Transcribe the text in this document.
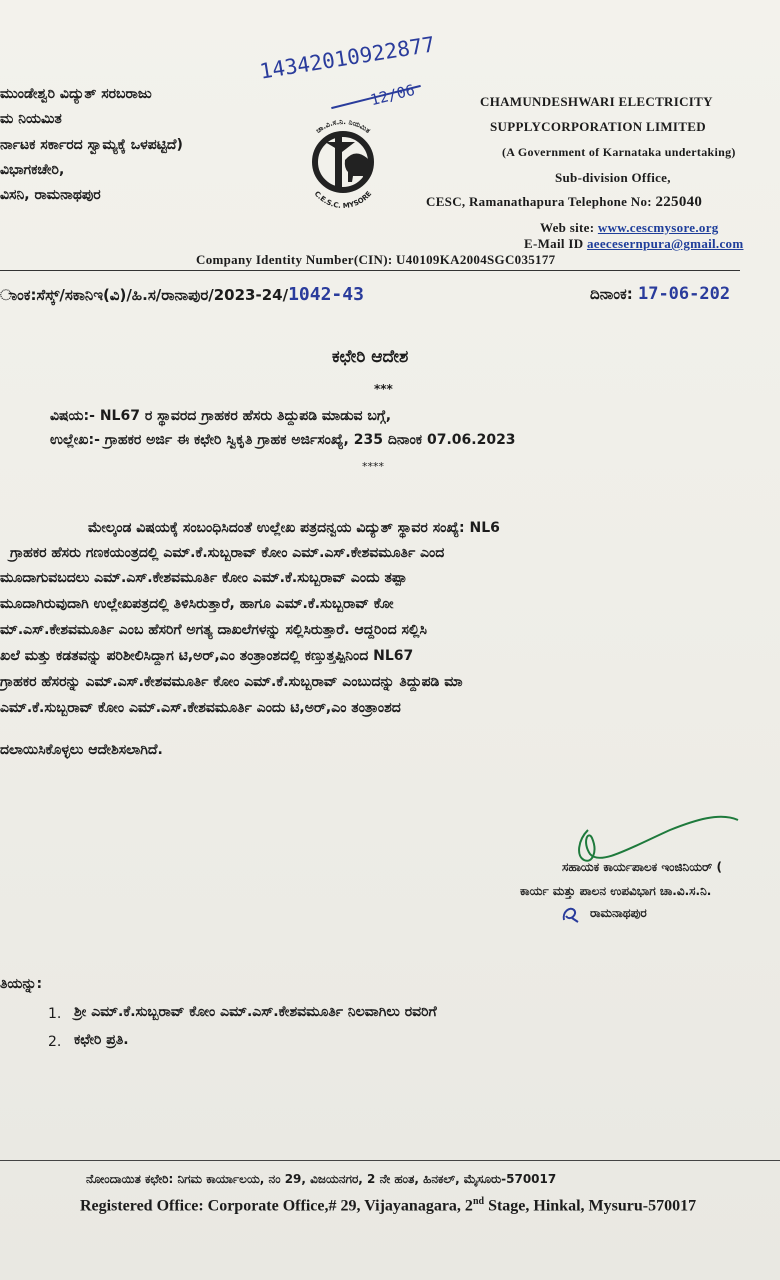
14342010922877
12/06
ಮುಂಡೇಶ್ವರಿ ವಿದ್ಯುತ್ ಸರಬರಾಜು
ಮ ನಿಯಮಿತ
ರ್ನಾಟಕ ಸರ್ಕಾರದ ಸ್ವಾಮ್ಯಕ್ಕೆ ಒಳಪಟ್ಟಿದೆ)
ವಿಭಾಗಕಚೇರಿ,
ವಿಸನಿ, ರಾಮನಾಥಪುರ
ಚಾ.ವಿ.ಸ.ನಿ. ನಿಯಮಿತ
C.E.S.C. MYSORE
CHAMUNDESHWARI ELECTRICITY
SUPPLYCORPORATION LIMITED
(A Government of Karnataka undertaking)
Sub-division Office,
CESC, Ramanathapura Telephone No: 225040
Web site: www.cescmysore.org
E-Mail ID aeecesernpura@gmail.com
Company Identity Number(CIN): U40109KA2004SGC035177
ಾಂಕ:ಸೆಸ್ಕ್/ಸಕಾನಿಇ(ವಿ)/ಹಿ.ಸ/ರಾನಾಪುರ/2023-24/1042-43	ದಿನಾಂಕ: 17-06-202
ಕಛೇರಿ ಆದೇಶ
***
ವಿಷಯ:- NL67 ರ ಸ್ಥಾವರದ ಗ್ರಾಹಕರ ಹೆಸರು ತಿದ್ದುಪಡಿ ಮಾಡುವ ಬಗ್ಗೆ,
ಉಲ್ಲೇಖ:- ಗ್ರಾಹಕರ ಅರ್ಜಿ ಈ ಕಛೇರಿ ಸ್ವಿಕೃತಿ ಗ್ರಾಹಕ ಅರ್ಜಿಸಂಖ್ಯೆ, 235 ದಿನಾಂಕ 07.06.2023
****
ಮೇಲ್ಕಂಡ ವಿಷಯಕ್ಕೆ ಸಂಬಂಧಿಸಿದಂತೆ ಉಲ್ಲೇಖ ಪತ್ರದನ್ವಯ ವಿದ್ಯುತ್ ಸ್ಥಾವರ ಸಂಖ್ಯೆ: NL6
ಗ್ರಾಹಕರ ಹೆಸರು ಗಣಕಯಂತ್ರದಲ್ಲಿ ಎಮ್.ಕೆ.ಸುಬ್ಬರಾವ್ ಕೋಂ ಎಮ್.ಎಸ್.ಕೇಶವಮೂರ್ತಿ ಎಂದ
ಮೂದಾಗುವಬದಲು ಎಮ್.ಎಸ್.ಕೇಶವಮೂರ್ತಿ ಕೋಂ ಎಮ್.ಕೆ.ಸುಬ್ಬರಾವ್ ಎಂದು ತಪ್ಪಾ
ಮೂದಾಗಿರುವುದಾಗಿ ಉಲ್ಲೇಖಪತ್ರದಲ್ಲಿ ತಿಳಿಸಿರುತ್ತಾರೆ, ಹಾಗೂ ಎಮ್.ಕೆ.ಸುಬ್ಬರಾವ್ ಕೋ
ಮ್.ಎಸ್.ಕೇಶವಮೂರ್ತಿ ಎಂಬ ಹೆಸರಿಗೆ ಅಗತ್ಯ ದಾಖಲೆಗಳನ್ನು ಸಲ್ಲಿಸಿರುತ್ತಾರೆ. ಆದ್ದರಿಂದ ಸಲ್ಲಿಸಿ
ಖಲೆ ಮತ್ತು ಕಡತವನ್ನು ಪರಿಶೀಲಿಸಿದ್ದಾಗ ಟಿ,ಅರ್,ಎಂ ತಂತ್ರಾಂಶದಲ್ಲಿ ಕಣ್ತುತ್ತಪ್ಪಿನಿಂದ NL67
ಗ್ರಾಹಕರ ಹೆಸರನ್ನು ಎಮ್.ಎಸ್.ಕೇಶವಮೂರ್ತಿ ಕೋಂ ಎಮ್.ಕೆ.ಸುಬ್ಬರಾವ್ ಎಂಬುದನ್ನು ತಿದ್ದುಪಡಿ ಮಾ
ಎಮ್.ಕೆ.ಸುಬ್ಬರಾವ್ ಕೋಂ ಎಮ್.ಎಸ್.ಕೇಶವಮೂರ್ತಿ ಎಂದು ಟಿ,ಅರ್,ಎಂ ತಂತ್ರಾಂಶದ
ದಲಾಯಿಸಿಕೊಳ್ಳಲು ಆದೇಶಿಸಲಾಗಿದೆ.
ಸಹಾಯಕ ಕಾರ್ಯಪಾಲಕ ಇಂಜಿನಿಯರ್ (
ಕಾರ್ಯ ಮತ್ತು ಪಾಲನ ಉಪವಿಭಾಗ ಚಾ.ವಿ.ಸ.ನಿ.
ರಾಮನಾಥಪುರ
ತಿಯನ್ನು:
1. ಶ್ರೀ ಎಮ್.ಕೆ.ಸುಬ್ಬರಾವ್ ಕೋಂ ಎಮ್.ಎಸ್.ಕೇಶವಮೂರ್ತಿ ನಿಲವಾಗಿಲು ರವರಿಗೆ
2. ಕಛೇರಿ ಪ್ರತಿ.
ನೋಂದಾಯಿತ ಕಛೇರಿ: ನಿಗಮ ಕಾರ್ಯಾಲಯ, ನಂ 29, ವಿಜಯನಗರ, 2 ನೇ ಹಂತ, ಹಿನಕಲ್, ಮೈಸೂರು-570017
Registered Office: Corporate Office,# 29, Vijayanagara, 2nd Stage, Hinkal, Mysuru-570017
